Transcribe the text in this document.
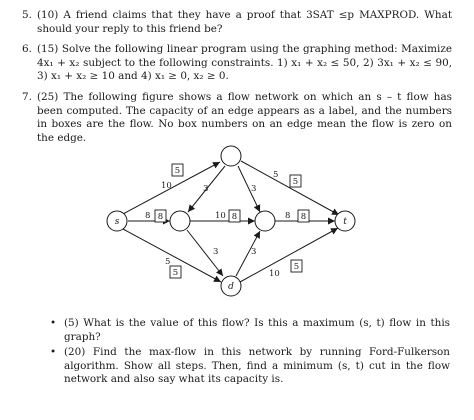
5. (10) A friend claims that they have a proof that 3SAT ≤p MAXPROD. What should your reply to this friend be?
6. (15) Solve the following linear program using the graphing method: Maximize 4x₁ + x₂ subject to the following constraints. 1) x₁ + x₂ ≤ 50, 2) 3x₁ + x₂ ≤ 90, 3) x₁ + x₂ ≥ 10 and 4) x₁ ≥ 0, x₂ ≥ 0.
7. (25) The following figure shows a flow network on which an s – t flow has been computed. The capacity of an edge appears as a label, and the numbers in boxes are the flow. No box numbers on an edge mean the flow is zero on the edge.
s
d
t
10
8
5
3	3
5
10	8
3	3
10
5
8
5
5
8	8
5
• (5) What is the value of this flow? Is this a maximum (s, t) flow in this graph?
• (20) Find the max-flow in this network by running Ford-Fulkerson algorithm. Show all steps. Then, find a minimum (s, t) cut in the flow network and also say what its capacity is.
